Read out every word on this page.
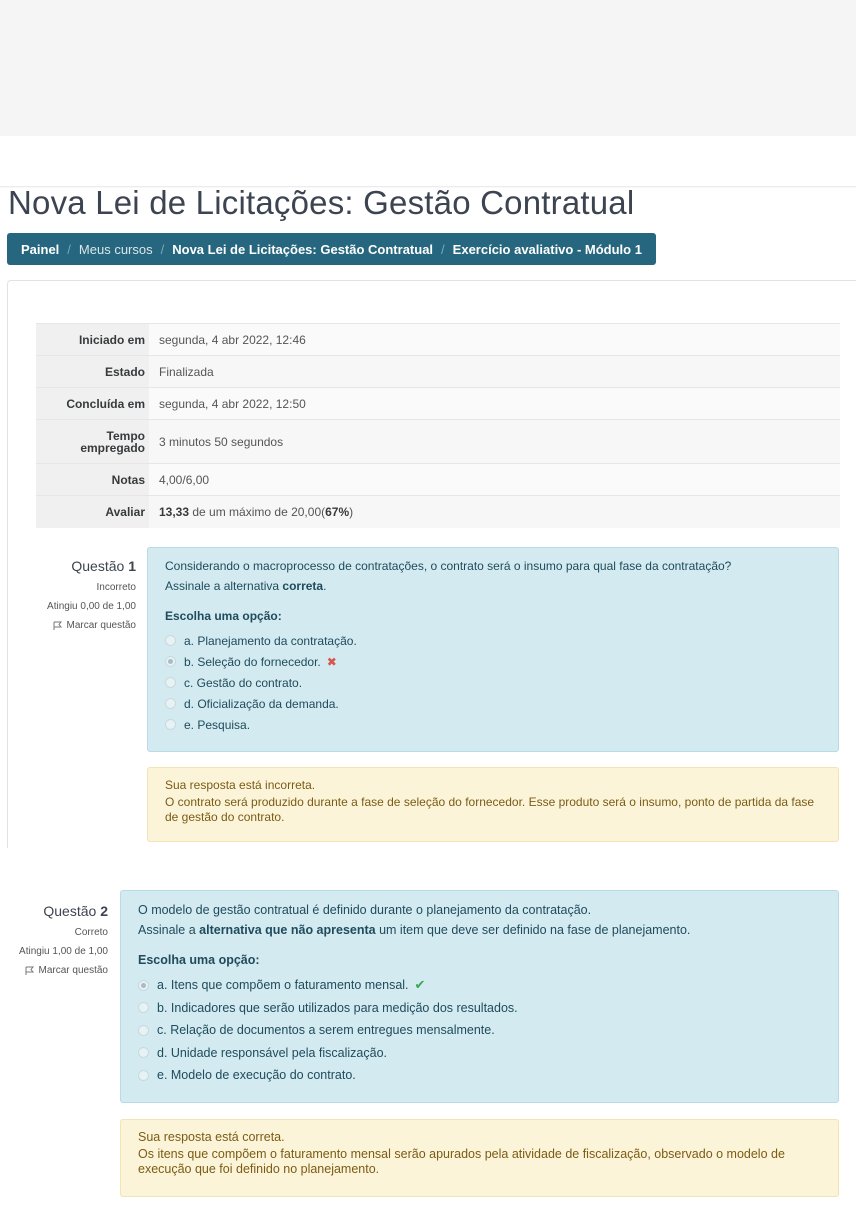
Nova Lei de Licitações: Gestão Contratual
Painel / Meus cursos / Nova Lei de Licitações: Gestão Contratual / Exercício avaliativo - Módulo 1
Iniciado em	segunda, 4 abr 2022, 12:46
Estado	Finalizada
Concluída em	segunda, 4 abr 2022, 12:50
Tempo
empregado	3 minutos 50 segundos
Notas	4,00/6,00
Avaliar	13,33 de um máximo de 20,00(67%)
Questão 1
Incorreto
Atingiu 0,00 de 1,00
Marcar questão

Considerando o macroprocesso de contratações, o contrato será o insumo para qual fase da contratação?

Assinale a alternativa correta.

Escolha uma opção:

a. Planejamento da contratação.
b. Seleção do fornecedor. ✖
c. Gestão do contrato.
d. Oficialização da demanda.
e. Pesquisa.

Sua resposta está incorreta.

O contrato será produzido durante a fase de seleção do fornecedor. Esse produto será o insumo, ponto de partida da fase de gestão do contrato.

Questão 2
Correto
Atingiu 1,00 de 1,00
Marcar questão

O modelo de gestão contratual é definido durante o planejamento da contratação.

Assinale a alternativa que não apresenta um item que deve ser definido na fase de planejamento.

Escolha uma opção:

a. Itens que compõem o faturamento mensal. ✔
b. Indicadores que serão utilizados para medição dos resultados.
c. Relação de documentos a serem entregues mensalmente.
d. Unidade responsável pela fiscalização.
e. Modelo de execução do contrato.

Sua resposta está correta.

Os itens que compõem o faturamento mensal serão apurados pela atividade de fiscalização, observado o modelo de execução que foi definido no planejamento.
